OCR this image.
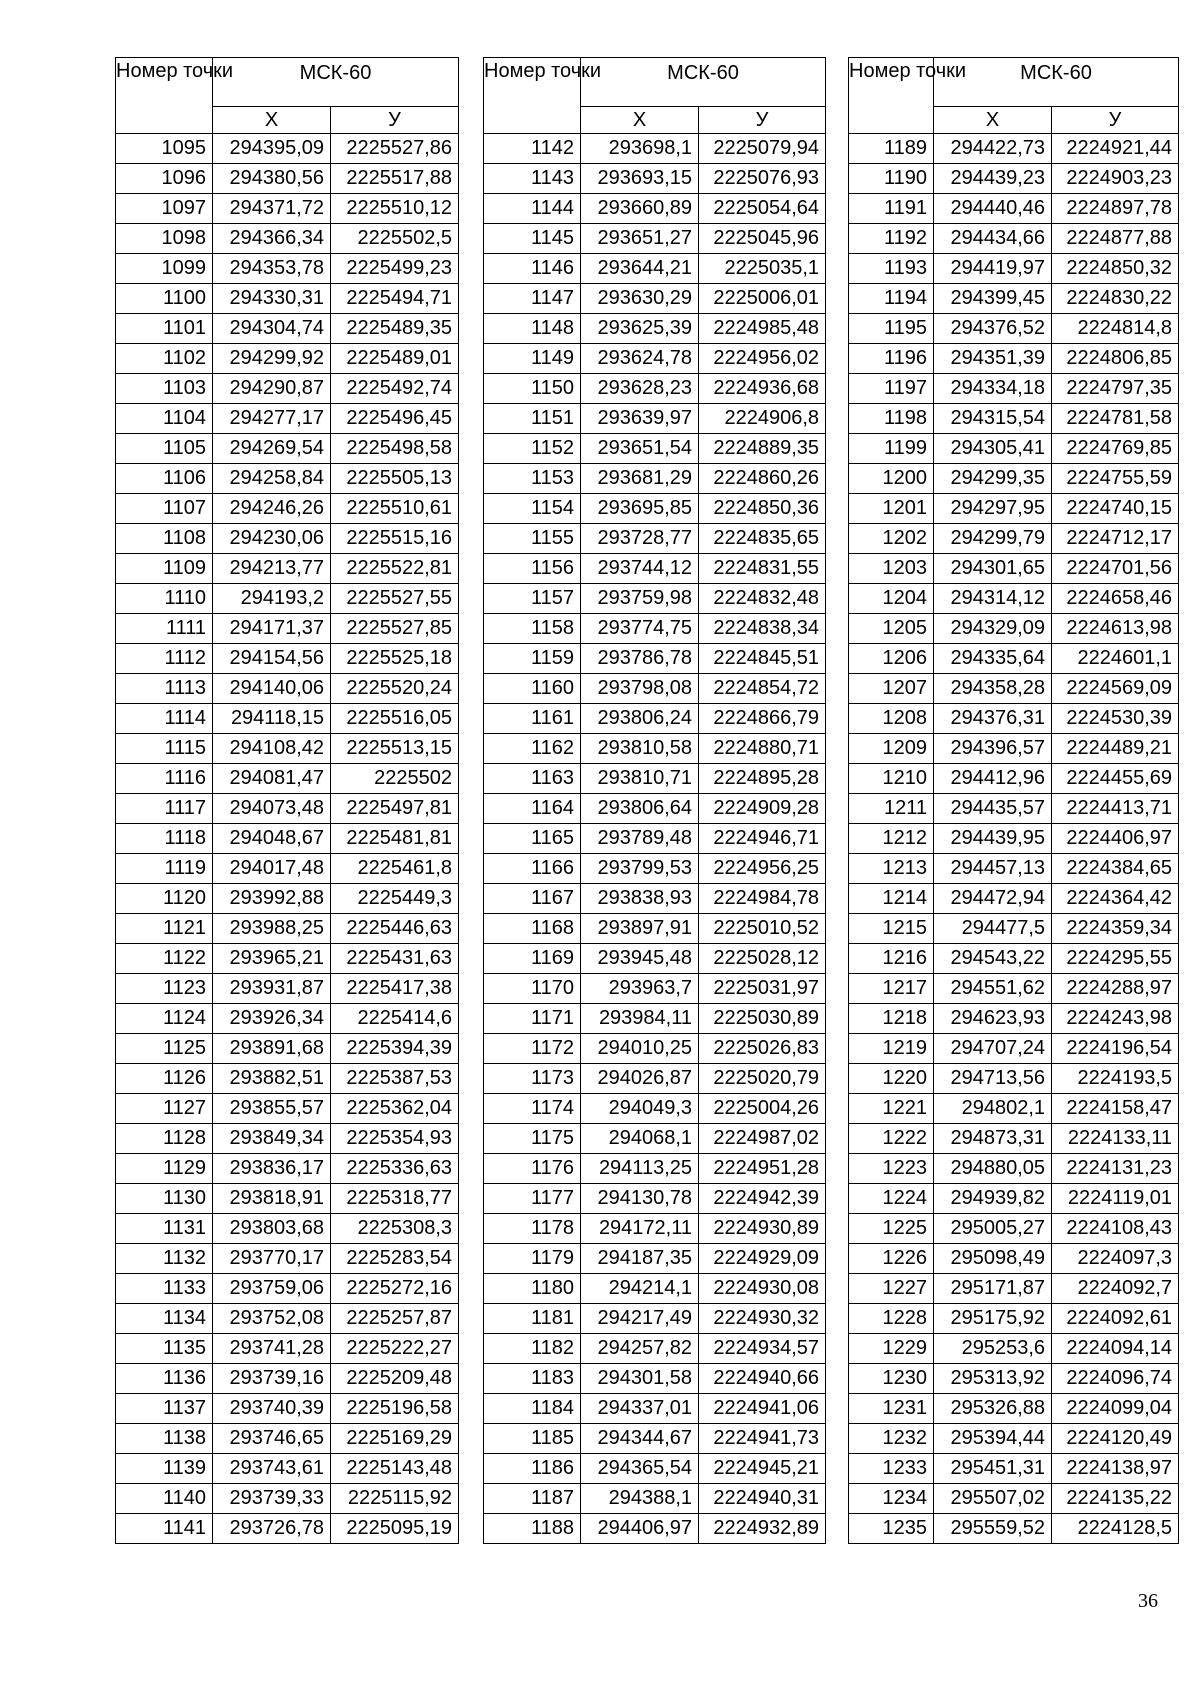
Номер точки	МСК-60	
	Х	У
1095	294395,09	2225527,86
1096	294380,56	2225517,88
1097	294371,72	2225510,12
1098	294366,34	2225502,5
1099	294353,78	2225499,23
1100	294330,31	2225494,71
1101	294304,74	2225489,35
1102	294299,92	2225489,01
1103	294290,87	2225492,74
1104	294277,17	2225496,45
1105	294269,54	2225498,58
1106	294258,84	2225505,13
1107	294246,26	2225510,61
1108	294230,06	2225515,16
1109	294213,77	2225522,81
1110	294193,2	2225527,55
1111	294171,37	2225527,85
1112	294154,56	2225525,18
1113	294140,06	2225520,24
1114	294118,15	2225516,05
1115	294108,42	2225513,15
1116	294081,47	2225502
1117	294073,48	2225497,81
1118	294048,67	2225481,81
1119	294017,48	2225461,8
1120	293992,88	2225449,3
1121	293988,25	2225446,63
1122	293965,21	2225431,63
1123	293931,87	2225417,38
1124	293926,34	2225414,6
1125	293891,68	2225394,39
1126	293882,51	2225387,53
1127	293855,57	2225362,04
1128	293849,34	2225354,93
1129	293836,17	2225336,63
1130	293818,91	2225318,77
1131	293803,68	2225308,3
1132	293770,17	2225283,54
1133	293759,06	2225272,16
1134	293752,08	2225257,87
1135	293741,28	2225222,27
1136	293739,16	2225209,48
1137	293740,39	2225196,58
1138	293746,65	2225169,29
1139	293743,61	2225143,48
1140	293739,33	2225115,92
1141	293726,78	2225095,19
Номер точки	МСК-60	
	Х	У
1142	293698,1	2225079,94
1143	293693,15	2225076,93
1144	293660,89	2225054,64
1145	293651,27	2225045,96
1146	293644,21	2225035,1
1147	293630,29	2225006,01
1148	293625,39	2224985,48
1149	293624,78	2224956,02
1150	293628,23	2224936,68
1151	293639,97	2224906,8
1152	293651,54	2224889,35
1153	293681,29	2224860,26
1154	293695,85	2224850,36
1155	293728,77	2224835,65
1156	293744,12	2224831,55
1157	293759,98	2224832,48
1158	293774,75	2224838,34
1159	293786,78	2224845,51
1160	293798,08	2224854,72
1161	293806,24	2224866,79
1162	293810,58	2224880,71
1163	293810,71	2224895,28
1164	293806,64	2224909,28
1165	293789,48	2224946,71
1166	293799,53	2224956,25
1167	293838,93	2224984,78
1168	293897,91	2225010,52
1169	293945,48	2225028,12
1170	293963,7	2225031,97
1171	293984,11	2225030,89
1172	294010,25	2225026,83
1173	294026,87	2225020,79
1174	294049,3	2225004,26
1175	294068,1	2224987,02
1176	294113,25	2224951,28
1177	294130,78	2224942,39
1178	294172,11	2224930,89
1179	294187,35	2224929,09
1180	294214,1	2224930,08
1181	294217,49	2224930,32
1182	294257,82	2224934,57
1183	294301,58	2224940,66
1184	294337,01	2224941,06
1185	294344,67	2224941,73
1186	294365,54	2224945,21
1187	294388,1	2224940,31
1188	294406,97	2224932,89
Номер точки	МСК-60	
	Х	У
1189	294422,73	2224921,44
1190	294439,23	2224903,23
1191	294440,46	2224897,78
1192	294434,66	2224877,88
1193	294419,97	2224850,32
1194	294399,45	2224830,22
1195	294376,52	2224814,8
1196	294351,39	2224806,85
1197	294334,18	2224797,35
1198	294315,54	2224781,58
1199	294305,41	2224769,85
1200	294299,35	2224755,59
1201	294297,95	2224740,15
1202	294299,79	2224712,17
1203	294301,65	2224701,56
1204	294314,12	2224658,46
1205	294329,09	2224613,98
1206	294335,64	2224601,1
1207	294358,28	2224569,09
1208	294376,31	2224530,39
1209	294396,57	2224489,21
1210	294412,96	2224455,69
1211	294435,57	2224413,71
1212	294439,95	2224406,97
1213	294457,13	2224384,65
1214	294472,94	2224364,42
1215	294477,5	2224359,34
1216	294543,22	2224295,55
1217	294551,62	2224288,97
1218	294623,93	2224243,98
1219	294707,24	2224196,54
1220	294713,56	2224193,5
1221	294802,1	2224158,47
1222	294873,31	2224133,11
1223	294880,05	2224131,23
1224	294939,82	2224119,01
1225	295005,27	2224108,43
1226	295098,49	2224097,3
1227	295171,87	2224092,7
1228	295175,92	2224092,61
1229	295253,6	2224094,14
1230	295313,92	2224096,74
1231	295326,88	2224099,04
1232	295394,44	2224120,49
1233	295451,31	2224138,97
1234	295507,02	2224135,22
1235	295559,52	2224128,5
36
